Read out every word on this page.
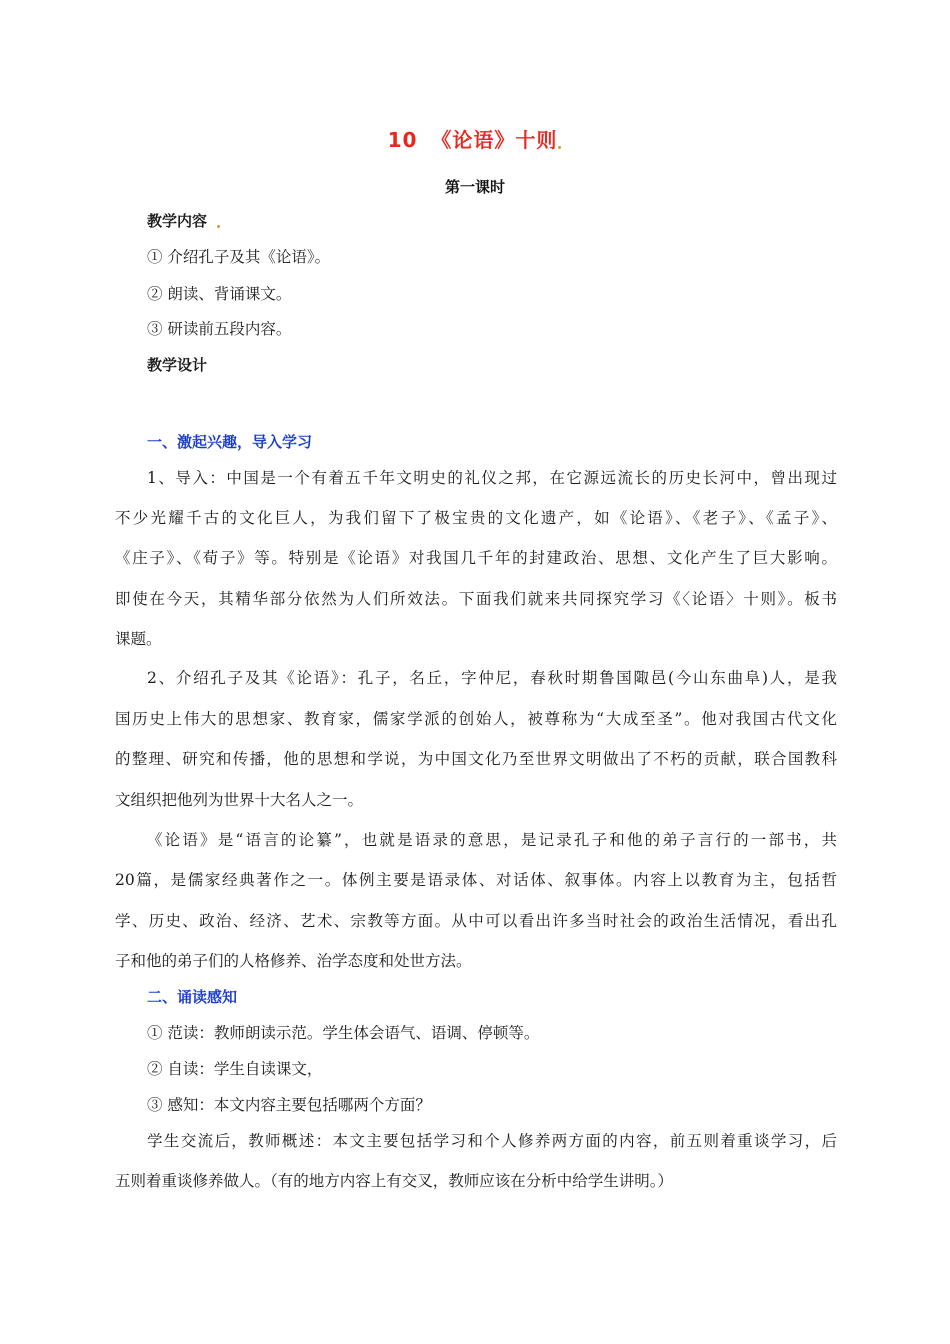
10 《论语》十则
第一课时
教学内容
① 介绍孔子及其《论语》。
② 朗读、背诵课文。
③ 研读前五段内容。
教学设计
一、激起兴趣，导入学习
1、导入：中国是一个有着五千年文明史的礼仪之邦，在它源远流长的历史长河中，曾出现过
不少光耀千古的文化巨人，为我们留下了极宝贵的文化遗产，如《论语》、《老子》、《孟子》、
《庄子》、《荀子》等。特别是《论语》对我国几千年的封建政治、思想、文化产生了巨大影响。
即使在今天，其精华部分依然为人们所效法。下面我们就来共同探究学习《〈论语〉十则》。板书
课题。
2、介绍孔子及其《论语》：孔子，名丘，字仲尼，春秋时期鲁国陬邑(今山东曲阜)人，是我
国历史上伟大的思想家、教育家，儒家学派的创始人，被尊称为“大成至圣”。他对我国古代文化
的整理、研究和传播，他的思想和学说，为中国文化乃至世界文明做出了不朽的贡献，联合国教科
文组织把他列为世界十大名人之一。
《论语》是“语言的论纂”，也就是语录的意思，是记录孔子和他的弟子言行的一部书，共
20篇，是儒家经典著作之一。体例主要是语录体、对话体、叙事体。内容上以教育为主，包括哲
学、历史、政治、经济、艺术、宗教等方面。从中可以看出许多当时社会的政治生活情况，看出孔
子和他的弟子们的人格修养、治学态度和处世方法。
二、诵读感知
① 范读：教师朗读示范。学生体会语气、语调、停顿等。
② 自读：学生自读课文，
③ 感知：本文内容主要包括哪两个方面？
学生交流后，教师概述：本文主要包括学习和个人修养两方面的内容，前五则着重谈学习，后
五则着重谈修养做人。（有的地方内容上有交叉，教师应该在分析中给学生讲明。）
